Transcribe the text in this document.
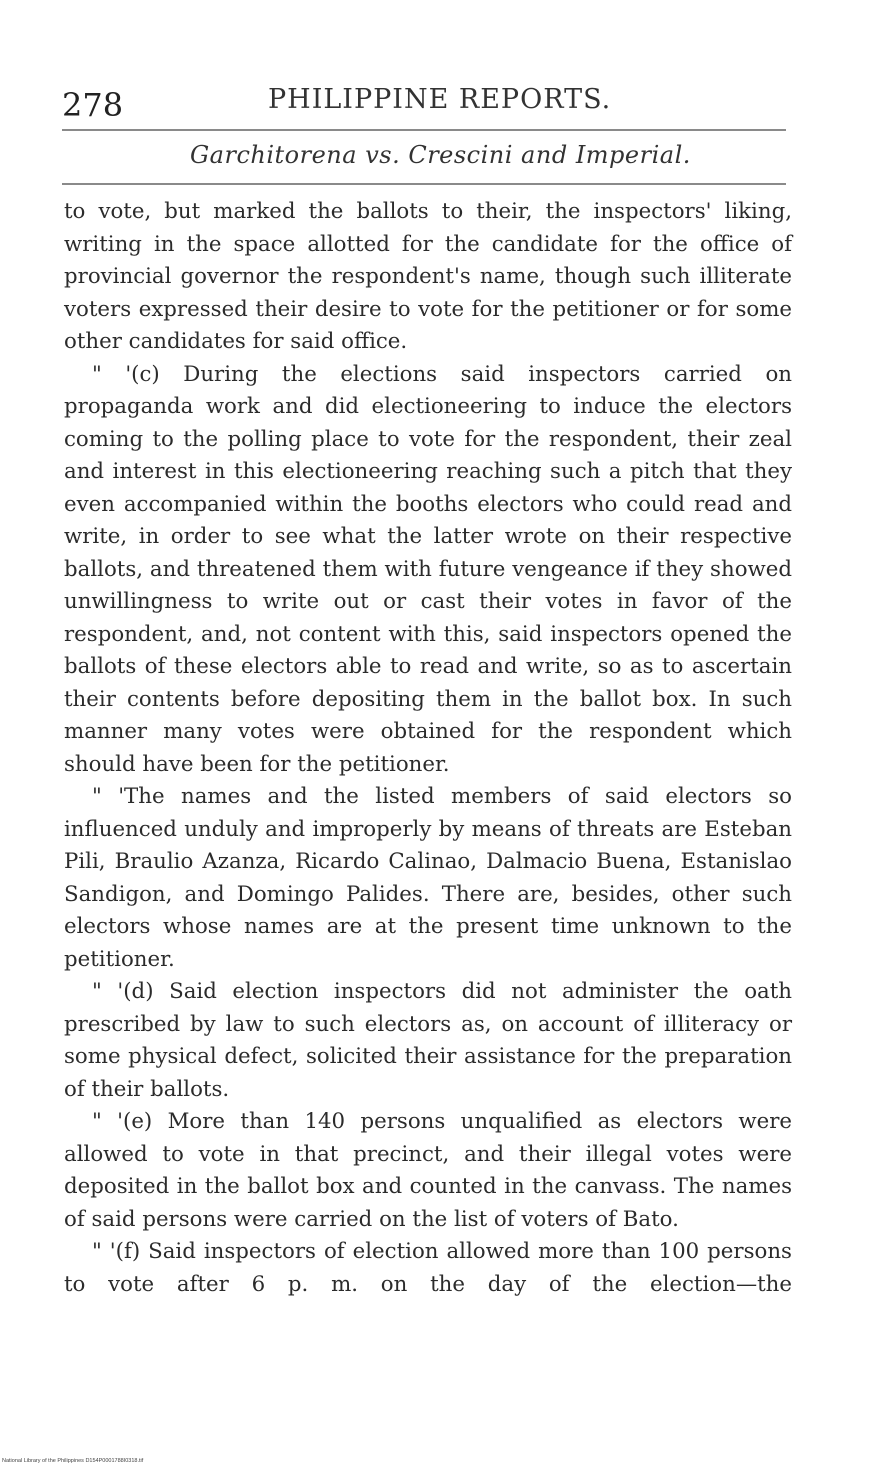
278	PHILIPPINE REPORTS.
Garchitorena vs. Crescini and Imperial.

to vote, but marked the ballots to their, the inspectors' liking, writing in the space allotted for the candidate for the office of provincial governor the respondent's name, though such illiterate voters expressed their desire to vote for the petitioner or for some other candidates for said office.

" '(c) During the elections said inspectors carried on propaganda work and did electioneering to induce the electors coming to the polling place to vote for the respondent, their zeal and interest in this electioneering reaching such a pitch that they even accompanied within the booths electors who could read and write, in order to see what the latter wrote on their respective ballots, and threatened them with future vengeance if they showed unwillingness to write out or cast their votes in favor of the respondent, and, not content with this, said inspectors opened the ballots of these electors able to read and write, so as to ascertain their contents before depositing them in the ballot box. In such manner many votes were obtained for the respondent which should have been for the petitioner.

" 'The names and the listed members of said electors so influenced unduly and improperly by means of threats are Esteban Pili, Braulio Azanza, Ricardo Calinao, Dalmacio Buena, Estanislao Sandigon, and Domingo Palides. There are, besides, other such electors whose names are at the present time unknown to the petitioner.

" '(d) Said election inspectors did not administer the oath prescribed by law to such electors as, on account of illiteracy or some physical defect, solicited their assistance for the preparation of their ballots.

" '(e) More than 140 persons unqualified as electors were allowed to vote in that precinct, and their illegal votes were deposited in the ballot box and counted in the canvass. The names of said persons were carried on the list of voters of Bato.

" '(f) Said inspectors of election allowed more than 100 persons to vote after 6 p. m. on the day of the election—the

National Library of the Philippines D154P0001788I0318.tif
